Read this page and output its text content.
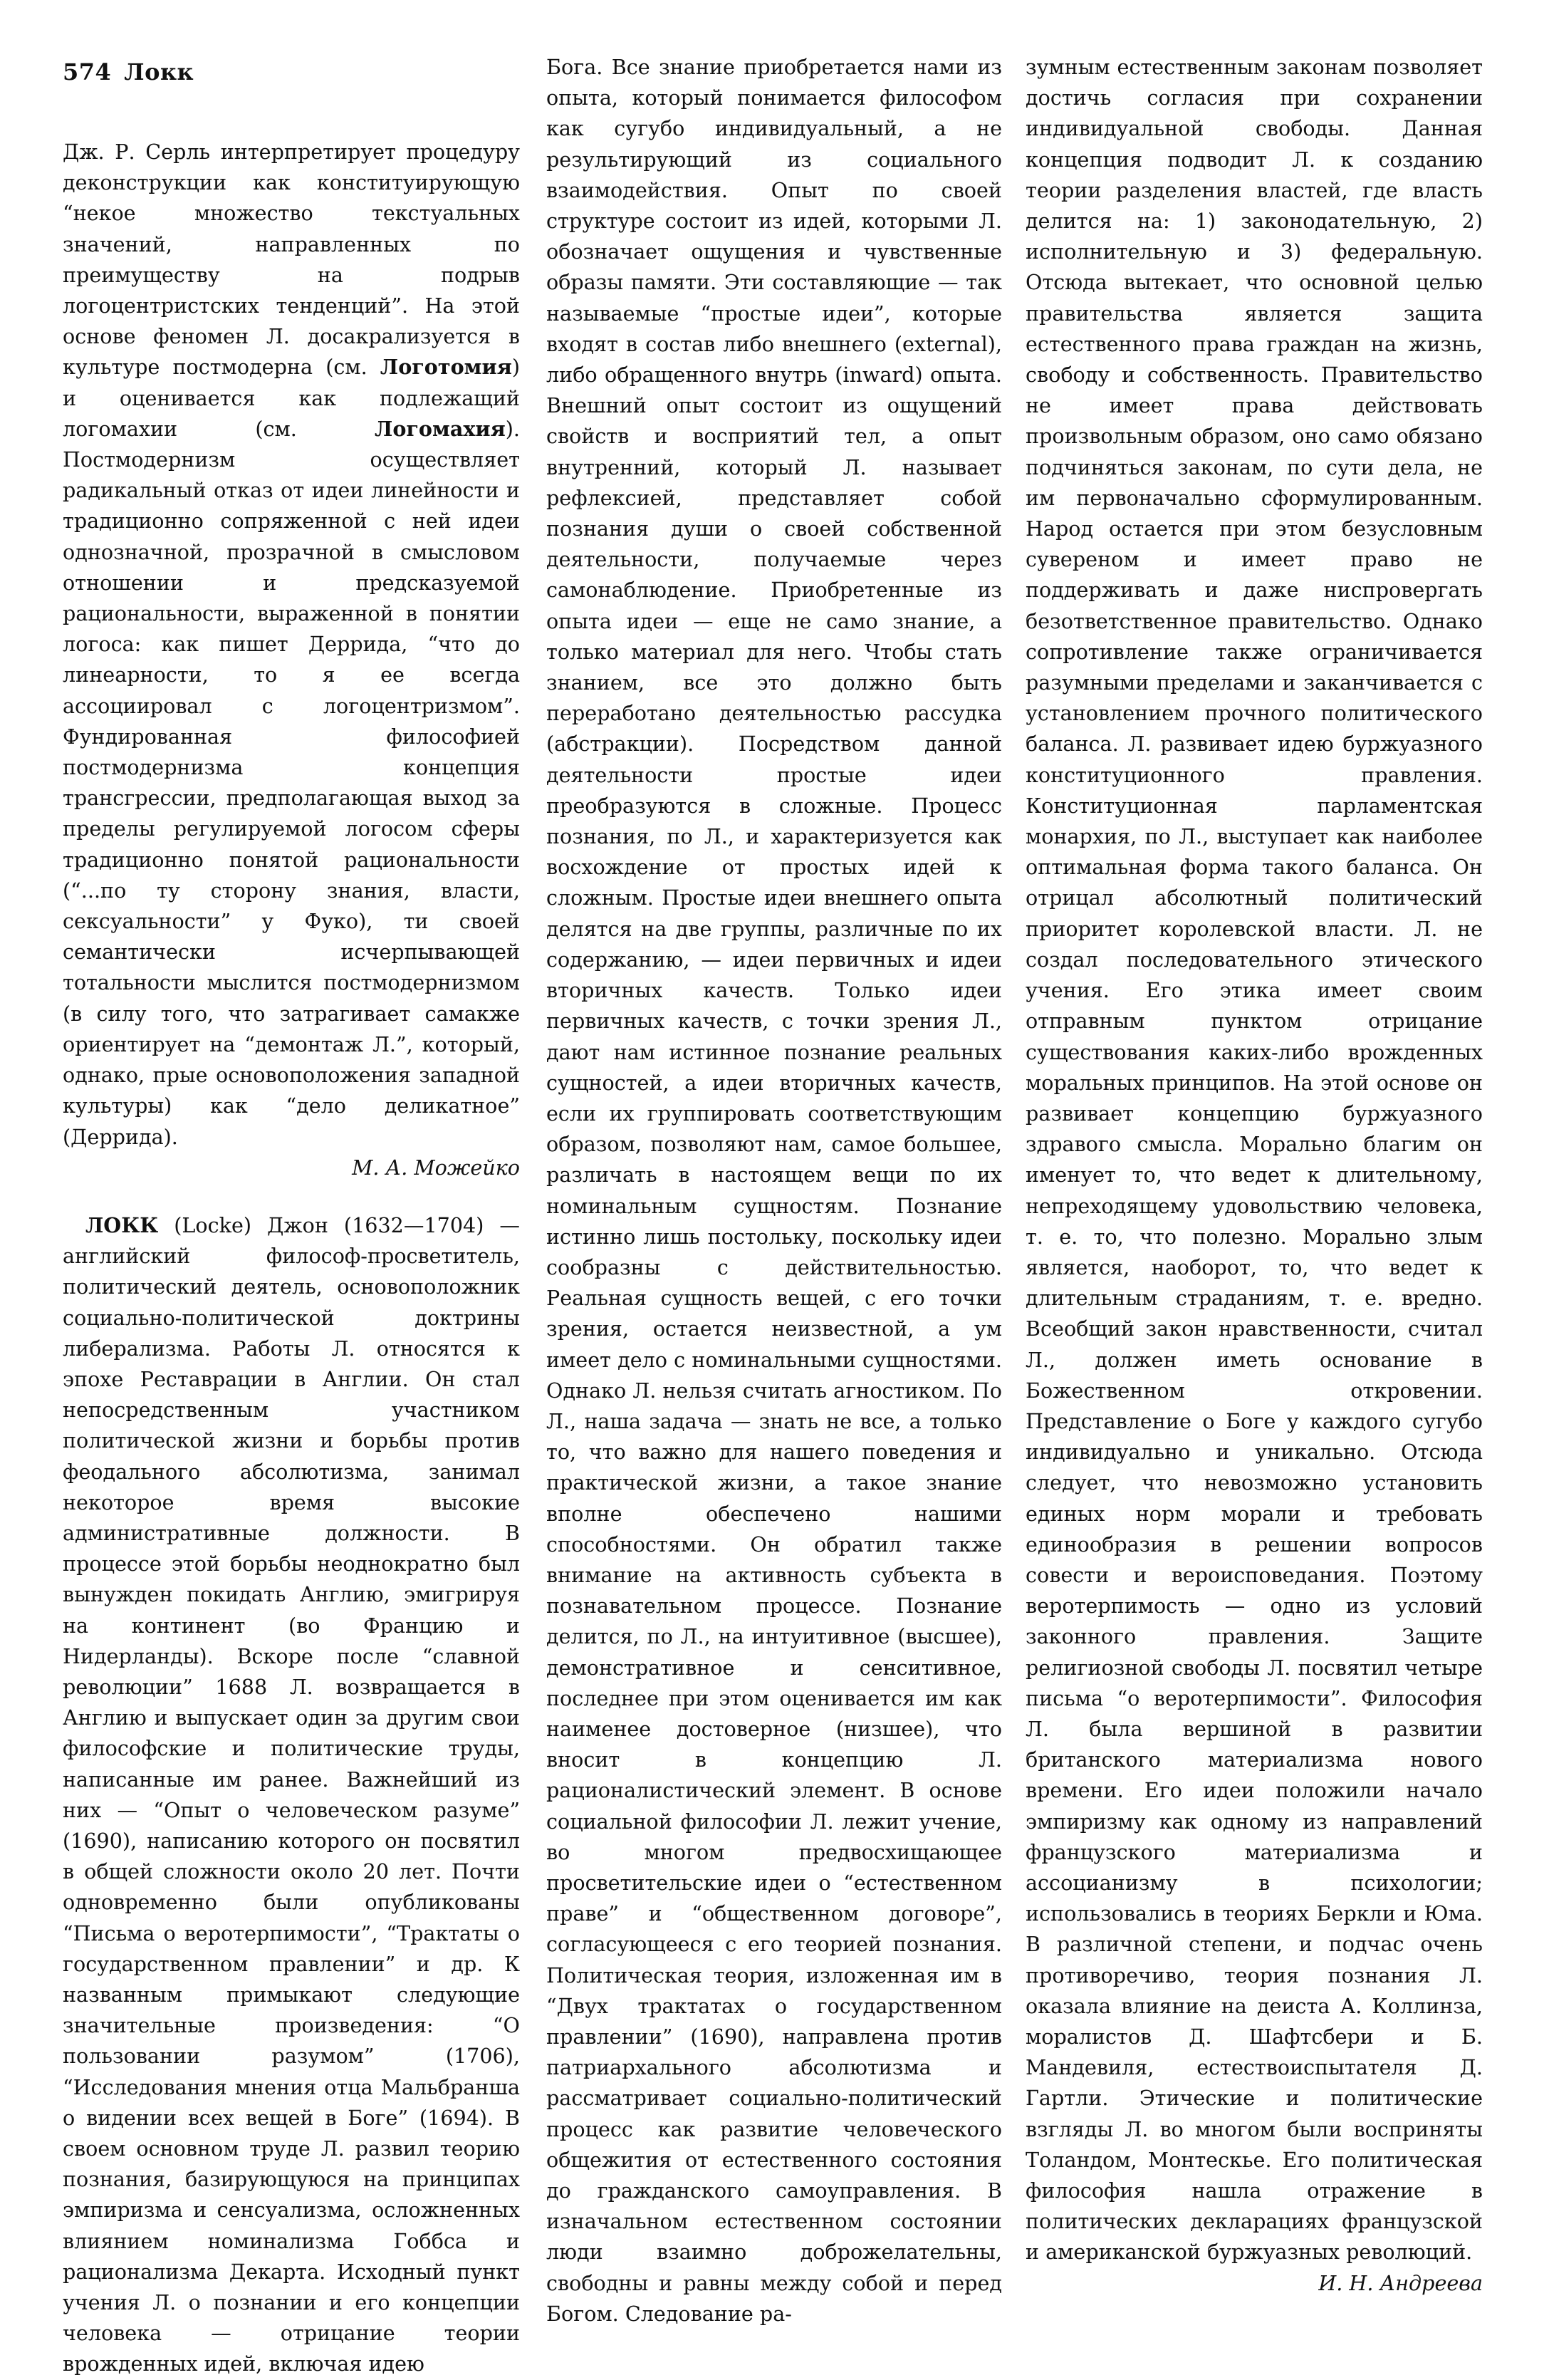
574 Локк

Дж. Р. Серль интерпретирует процедуру деконструкции как конституирующую “некое множество текстуальных значений, направленных по преимуществу на подрыв логоцентристских тенденций”. На этой основе феномен Л. досакрализуется в культуре постмодерна (см. Логотомия) и оценивается как подлежащий логомахии (см. Логомахия). Постмодернизм осуществляет радикальный отказ от идеи линейности и традиционно сопряженной с ней идеи однозначной, прозрачной в смысловом отношении и предсказуемой рациональности, выраженной в понятии логоса: как пишет Деррида, “что до линеарности, то я ее всегда ассоциировал с логоцентризмом”. Фундированная философией постмодернизма концепция трансгрессии, предполагающая выход за пределы регулируемой логосом сферы традиционно понятой рациональности (“...по ту сторону знания, власти, сексуальности” у Фуко), ти своей семантически исчерпывающей тотальности мыслится постмодернизмом (в силу того, что затрагивает самакже ориентирует на “демонтаж Л.”, который, однако, прые основоположения западной культуры) как “дело деликатное” (Деррида).

М. А. Можейко

ЛОКК (Locke) Джон (1632—1704) — английский философ-просветитель, политический деятель, основоположник социально-политической доктрины либерализма. Работы Л. относятся к эпохе Реставрации в Англии. Он стал непосредственным участником политической жизни и борьбы против феодального абсолютизма, занимал некоторое время высокие административные должности. В процессе этой борьбы неоднократно был вынужден покидать Англию, эмигрируя на континент (во Францию и Нидерланды). Вскоре после “славной революции” 1688 Л. возвращается в Англию и выпускает один за другим свои философские и политические труды, написанные им ранее. Важнейший из них — “Опыт о человеческом разуме” (1690), написанию которого он посвятил в общей сложности около 20 лет. Почти одновременно были опубликованы “Письма о веротерпимости”, “Трактаты о государственном правлении” и др. К названным примыкают следующие значительные произведения: “О пользовании разумом” (1706), “Исследования мнения отца Мальбранша о видении всех вещей в Боге” (1694). В своем основном труде Л. развил теорию познания, базирующуюся на принципах эмпиризма и сенсуализма, осложненных влиянием номинализма Гоббса и рационализма Декарта. Исходный пункт учения Л. о познании и его концепции человека — отрицание теории врожденных идей, включая идею

Бога. Все знание приобретается нами из опыта, который понимается философом как сугубо индивидуальный, а не результирующий из социального взаимодействия. Опыт по своей структуре состоит из идей, которыми Л. обозначает ощущения и чувственные образы памяти. Эти составляющие — так называемые “простые идеи”, которые входят в состав либо внешнего (external), либо обращенного внутрь (inward) опыта. Внешний опыт состоит из ощущений свойств и восприятий тел, а опыт внутренний, который Л. называет рефлексией, представляет собой познания души о своей собственной деятельности, получаемые через самонаблюдение. Приобретенные из опыта идеи — еще не само знание, а только материал для него. Чтобы стать знанием, все это должно быть переработано деятельностью рассудка (абстракции). Посредством данной деятельности простые идеи преобразуются в сложные. Процесс познания, по Л., и характеризуется как восхождение от простых идей к сложным. Простые идеи внешнего опыта делятся на две группы, различные по их содержанию, — идеи первичных и идеи вторичных качеств. Только идеи первичных качеств, с точки зрения Л., дают нам истинное познание реальных сущностей, а идеи вторичных качеств, если их группировать соответствующим образом, позволяют нам, самое большее, различать в настоящем вещи по их номинальным сущностям. Познание истинно лишь постольку, поскольку идеи сообразны с действительностью. Реальная сущность вещей, с его точки зрения, остается неизвестной, а ум имеет дело с номинальными сущностями. Однако Л. нельзя считать агностиком. По Л., наша задача — знать не все, а только то, что важно для нашего поведения и практической жизни, а такое знание вполне обеспечено нашими способностями. Он обратил также внимание на активность субъекта в познавательном процессе. Познание делится, по Л., на интуитивное (высшее), демонстративное и сенситивное, последнее при этом оценивается им как наименее достоверное (низшее), что вносит в концепцию Л. рационалистический элемент. В основе социальной философии Л. лежит учение, во многом предвосхищающее просветительские идеи о “естественном праве” и “общественном договоре”, согласующееся с его теорией познания. Политическая теория, изложенная им в “Двух трактатах о государственном правлении” (1690), направлена против патриархального абсолютизма и рассматривает социально-политический процесс как развитие человеческого общежития от естественного состояния до гражданского самоуправления. В изначальном естественном состоянии люди взаимно доброжелательны, свободны и равны между собой и перед Богом. Следование ра-

зумным естественным законам позволяет достичь согласия при сохранении индивидуальной свободы. Данная концепция подводит Л. к созданию теории разделения властей, где власть делится на: 1) законодательную, 2) исполнительную и 3) федеральную. Отсюда вытекает, что основной целью правительства является защита естественного права граждан на жизнь, свободу и собственность. Правительство не имеет права действовать произвольным образом, оно само обязано подчиняться законам, по сути дела, не им первоначально сформулированным. Народ остается при этом безусловным сувереном и имеет право не поддерживать и даже ниспровергать безответственное правительство. Однако сопротивление также ограничивается разумными пределами и заканчивается с установлением прочного политического баланса. Л. развивает идею буржуазного конституционного правления. Конституционная парламентская монархия, по Л., выступает как наиболее оптимальная форма такого баланса. Он отрицал абсолютный политический приоритет королевской власти. Л. не создал последовательного этического учения. Его этика имеет своим отправным пунктом отрицание существования каких-либо врожденных моральных принципов. На этой основе он развивает концепцию буржуазного здравого смысла. Морально благим он именует то, что ведет к длительному, непреходящему удовольствию человека, т. е. то, что полезно. Морально злым является, наоборот, то, что ведет к длительным страданиям, т. е. вредно. Всеобщий закон нравственности, считал Л., должен иметь основание в Божественном откровении. Представление о Боге у каждого сугубо индивидуально и уникально. Отсюда следует, что невозможно установить единых норм морали и требовать единообразия в решении вопросов совести и вероисповедания. Поэтому веротерпимость — одно из условий законного правления. Защите религиозной свободы Л. посвятил четыре письма “о веротерпимости”. Философия Л. была вершиной в развитии британского материализма нового времени. Его идеи положили начало эмпиризму как одному из направлений французского материализма и ассоцианизму в психологии; использовались в теориях Беркли и Юма. В различной степени, и подчас очень противоречиво, теория познания Л. оказала влияние на деиста А. Коллинза, моралистов Д. Шафтсбери и Б. Мандевиля, естествоиспытателя Д. Гартли. Этические и политические взгляды Л. во многом были восприняты Толандом, Монтескье. Его политическая философия нашла отражение в политических декларациях французской и американской буржуазных революций.

И. Н. Андреева
